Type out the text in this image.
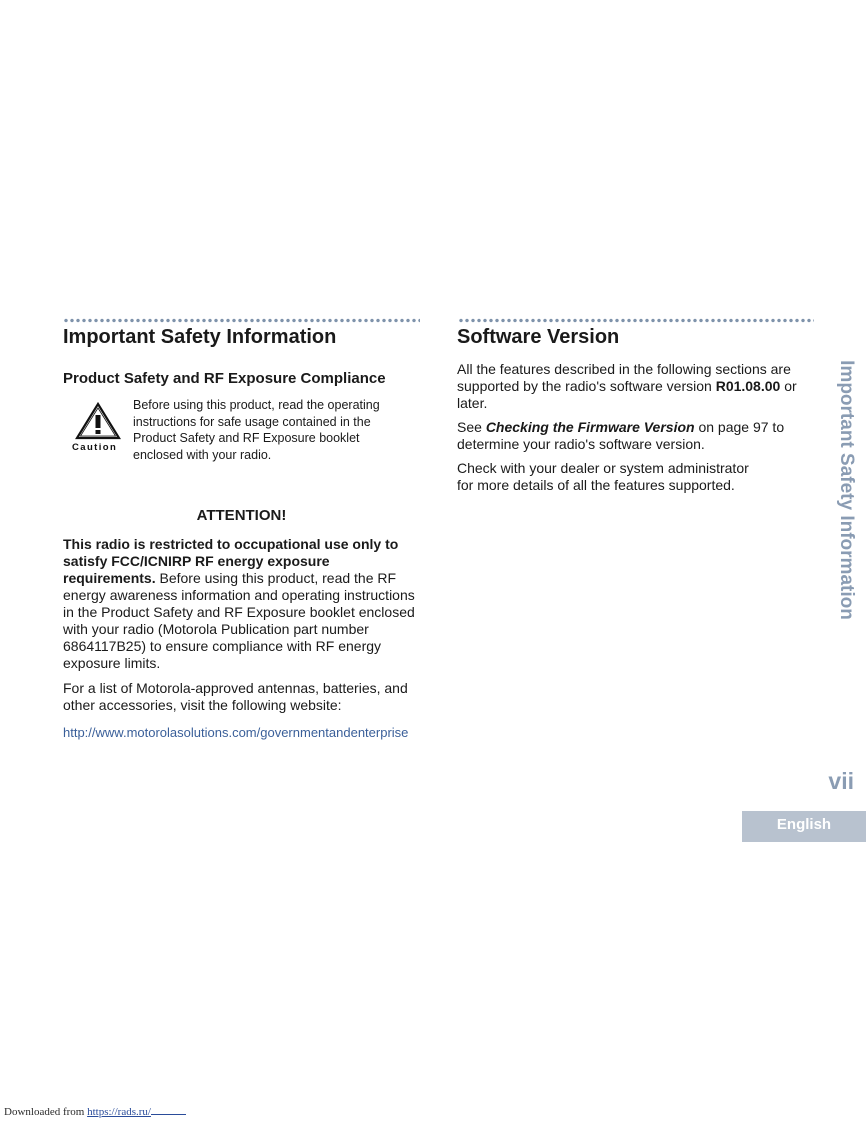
Important Safety Information
Product Safety and RF Exposure Compliance
Caution
Before using this product, read the operating instructions for safe usage contained in the Product Safety and RF Exposure booklet enclosed with your radio.
ATTENTION!

This radio is restricted to occupational use only to satisfy FCC/ICNIRP RF energy exposure requirements. Before using this product, read the RF energy awareness information and operating instructions in the Product Safety and RF Exposure booklet enclosed with your radio (Motorola Publication part number 6864117B25) to ensure compliance with RF energy exposure limits.

For a list of Motorola-approved antennas, batteries, and other accessories, visit the following website:

http://www.motorolasolutions.com/governmentandenterprise
Software Version

All the features described in the following sections are supported by the radio's software version R01.08.00 or later.

See Checking the Firmware Version on page 97 to determine your radio's software version.

Check with your dealer or system administrator for more details of all the features supported.	Important Safety Information
vii
English
Downloaded from https://rads.ru/
